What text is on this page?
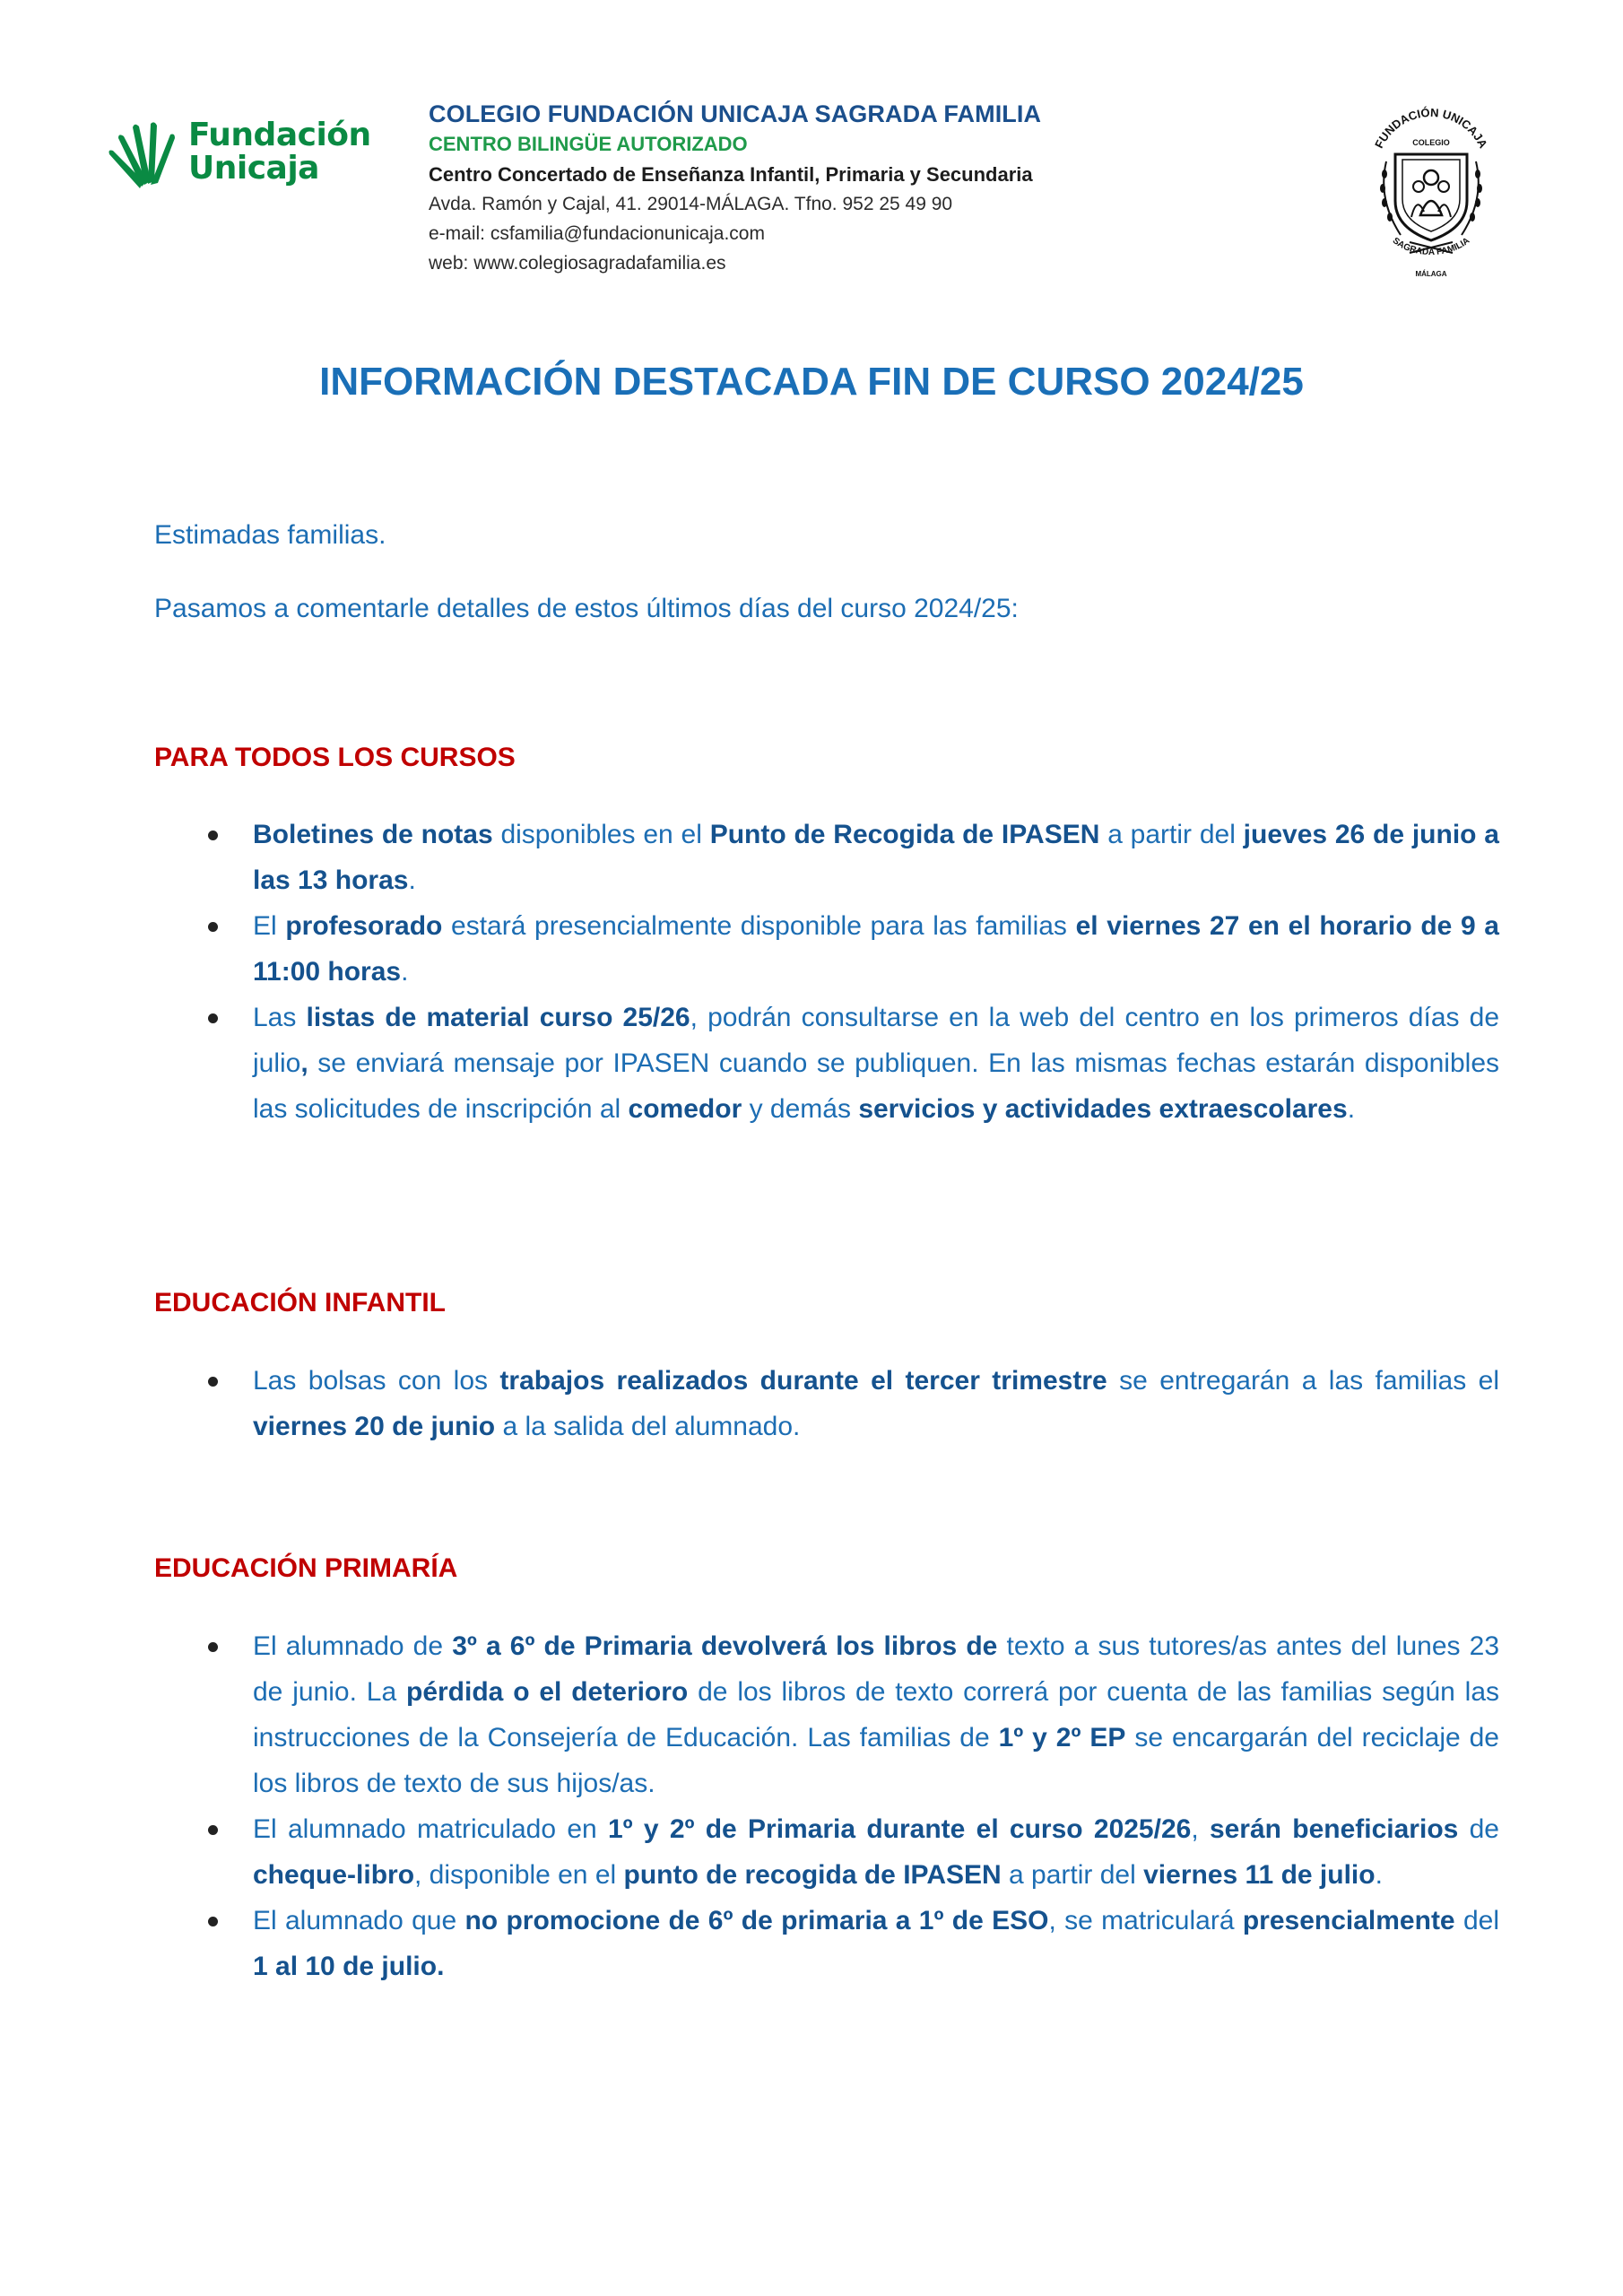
Fundación
Unicaja
COLEGIO FUNDACIÓN UNICAJA SAGRADA FAMILIA
CENTRO BILINGÜE AUTORIZADO
Centro Concertado de Enseñanza Infantil, Primaria y Secundaria
Avda. Ramón y Cajal, 41. 29014-MÁLAGA. Tfno. 952 25 49 90
e-mail: csfamilia@fundacionunicaja.com
web: www.colegiosagradafamilia.es
FUNDACIÓN UNICAJA
COLEGIO
SAGRADA FAMILIA
MÁLAGA
INFORMACIÓN DESTACADA FIN DE CURSO 2024/25
Estimadas familias.
Pasamos a comentarle detalles de estos últimos días del curso 2024/25:
PARA TODOS LOS CURSOS
Boletines de notas disponibles en el Punto de Recogida de IPASEN a partir del jueves 26 de junio a las 13 horas.
El profesorado estará presencialmente disponible para las familias el viernes 27 en el horario de 9 a 11:00 horas.
Las listas de material curso 25/26, podrán consultarse en la web del centro en los primeros días de julio, se enviará mensaje por IPASEN cuando se publiquen. En las mismas fechas estarán disponibles las solicitudes de inscripción al comedor y demás servicios y actividades extraescolares.
EDUCACIÓN INFANTIL
Las bolsas con los trabajos realizados durante el tercer trimestre se entregarán a las familias el viernes 20 de junio a la salida del alumnado.
EDUCACIÓN PRIMARÍA
El alumnado de 3º a 6º de Primaria devolverá los libros de texto a sus tutores/as antes del lunes 23 de junio. La pérdida o el deterioro de los libros de texto correrá por cuenta de las familias según las instrucciones de la Consejería de Educación. Las familias de 1º y 2º EP se encargarán del reciclaje de los libros de texto de sus hijos/as.
El alumnado matriculado en 1º y 2º de Primaria durante el curso 2025/26, serán beneficiarios de cheque-libro, disponible en el punto de recogida de IPASEN a partir del viernes 11 de julio.
El alumnado que no promocione de 6º de primaria a 1º de ESO, se matriculará presencialmente del 1 al 10 de julio.
